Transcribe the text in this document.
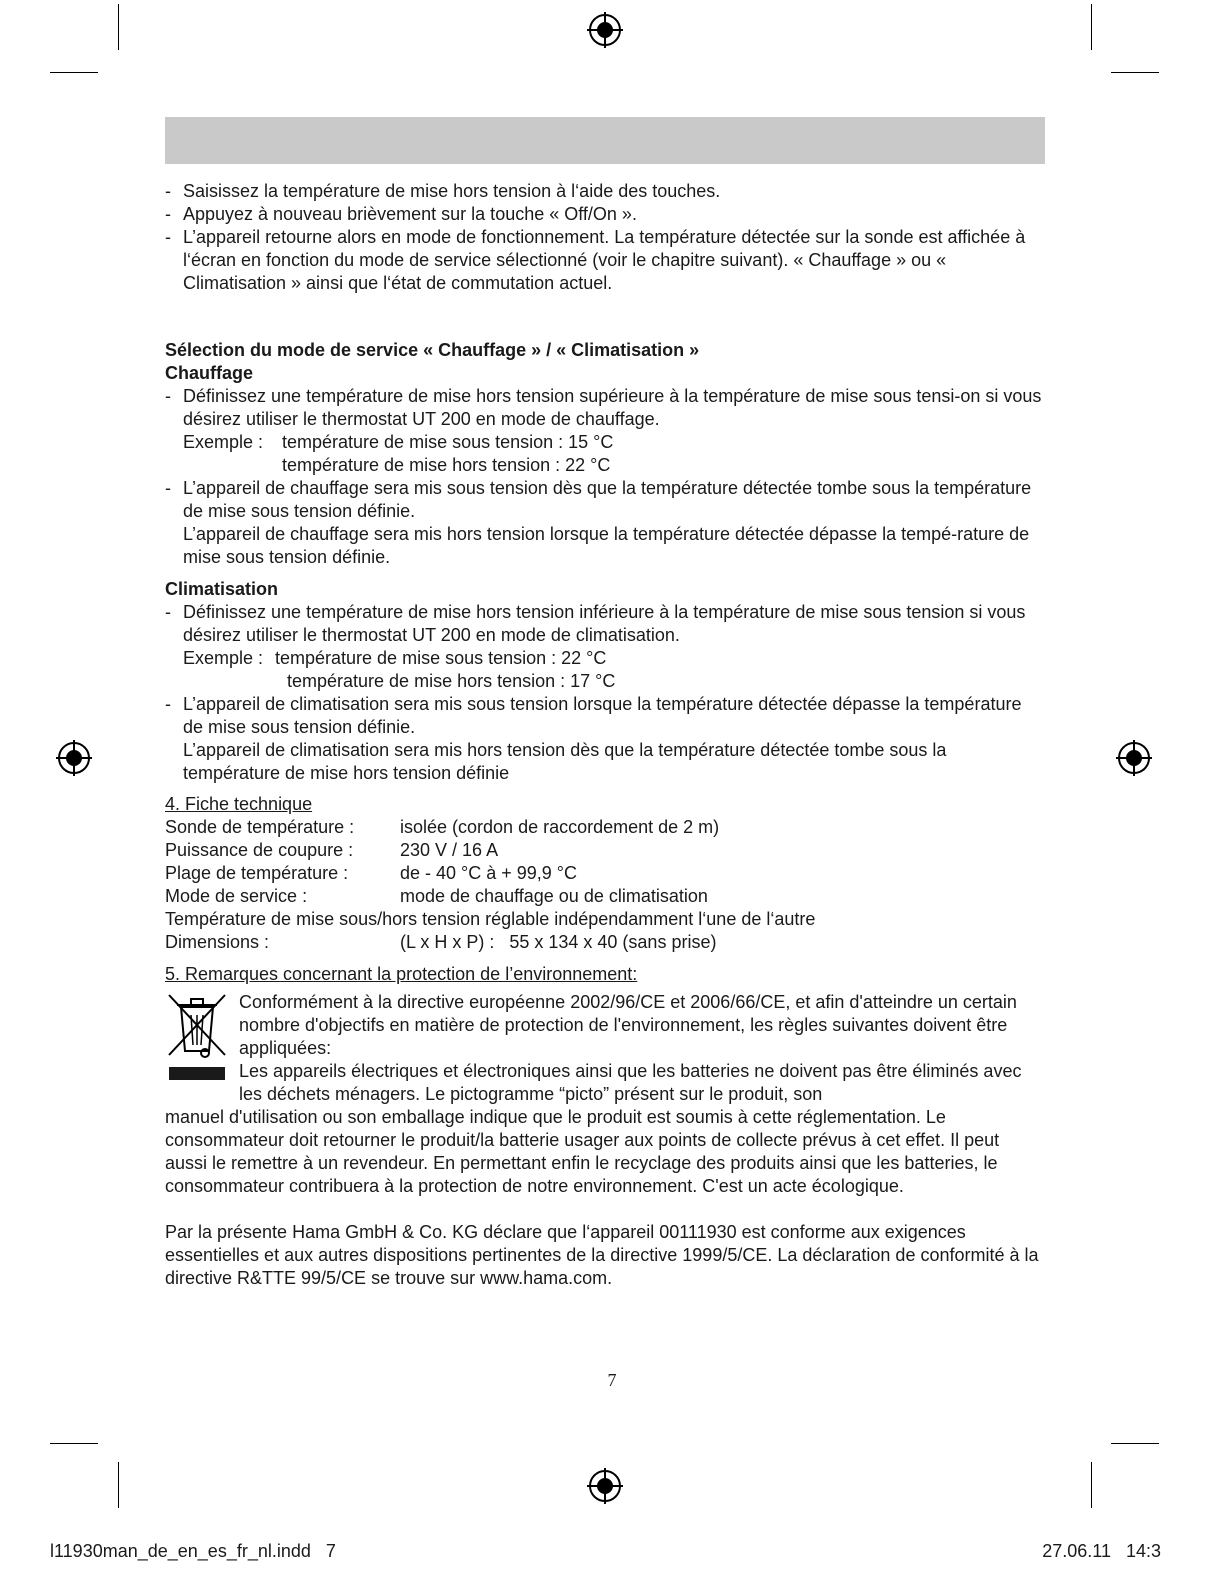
- Saisissez la température de mise hors tension à l‘aide des touches.
- Appuyez à nouveau brièvement sur la touche « Off/On ».
- L’appareil retourne alors en mode de fonctionnement. La température détectée sur la sonde est affichée à l‘écran en fonction du mode de service sélectionné (voir le chapitre suivant). « Chauffage » ou « Climatisation » ainsi que l‘état de commutation actuel.
Sélection du mode de service « Chauffage » / « Climatisation »
Chauffage
- Définissez une température de mise hors tension supérieure à la température de mise sous tensi-on si vous désirez utiliser le thermostat UT 200 en mode de chauffage.
Exemple :	température de mise sous tension : 15 °C
température de mise hors tension : 22 °C
- L’appareil de chauffage sera mis sous tension dès que la température détectée tombe sous la température de mise sous tension définie.
L’appareil de chauffage sera mis hors tension lorsque la température détectée dépasse la tempé-rature de mise sous tension définie.
Climatisation
- Définissez une température de mise hors tension inférieure à la température de mise sous tension si vous désirez utiliser le thermostat UT 200 en mode de climatisation.
Exemple : température de mise sous tension : 22 °C
température de mise hors tension : 17 °C
- L’appareil de climatisation sera mis sous tension lorsque la température détectée dépasse la température de mise sous tension définie.
L’appareil de climatisation sera mis hors tension dès que la température détectée tombe sous la température de mise hors tension définie
4. Fiche technique
Sonde de température :	isolée (cordon de raccordement de 2 m)
Puissance de coupure :	230 V / 16 A
Plage de température :	de - 40 °C à + 99,9 °C
Mode de service :	mode de chauffage ou de climatisation
Température de mise sous/hors tension réglable indépendamment l‘une de l‘autre
Dimensions :	(L x H x P) :   55 x 134 x 40 (sans prise)
5. Remarques concernant la protection de l’environnement:
Conformément à la directive européenne 2002/96/CE et 2006/66/CE, et afin d'atteindre un certain nombre d'objectifs en matière de protection de l'environnement, les règles suivantes doivent être appliquées:
Les appareils électriques et électroniques ainsi que les batteries ne doivent pas être éliminés avec les déchets ménagers. Le pictogramme “picto” présent sur le produit, son
manuel d'utilisation ou son emballage indique que le produit est soumis à cette réglementation. Le consommateur doit retourner le produit/la batterie usager aux points de collecte prévus à cet effet. Il peut aussi le remettre à un revendeur. En permettant enfin le recyclage des produits ainsi que les batteries, le consommateur contribuera à la protection de notre environnement. C'est un acte écologique.
Par la présente Hama GmbH & Co. KG déclare que l‘appareil 00111930 est conforme aux exigences essentielles et aux autres dispositions pertinentes de la directive 1999/5/CE. La déclaration de conformité à la directive R&TTE 99/5/CE se trouve sur www.hama.com.
7
l11930man_de_en_es_fr_nl.indd   7	27.06.11   14:3
